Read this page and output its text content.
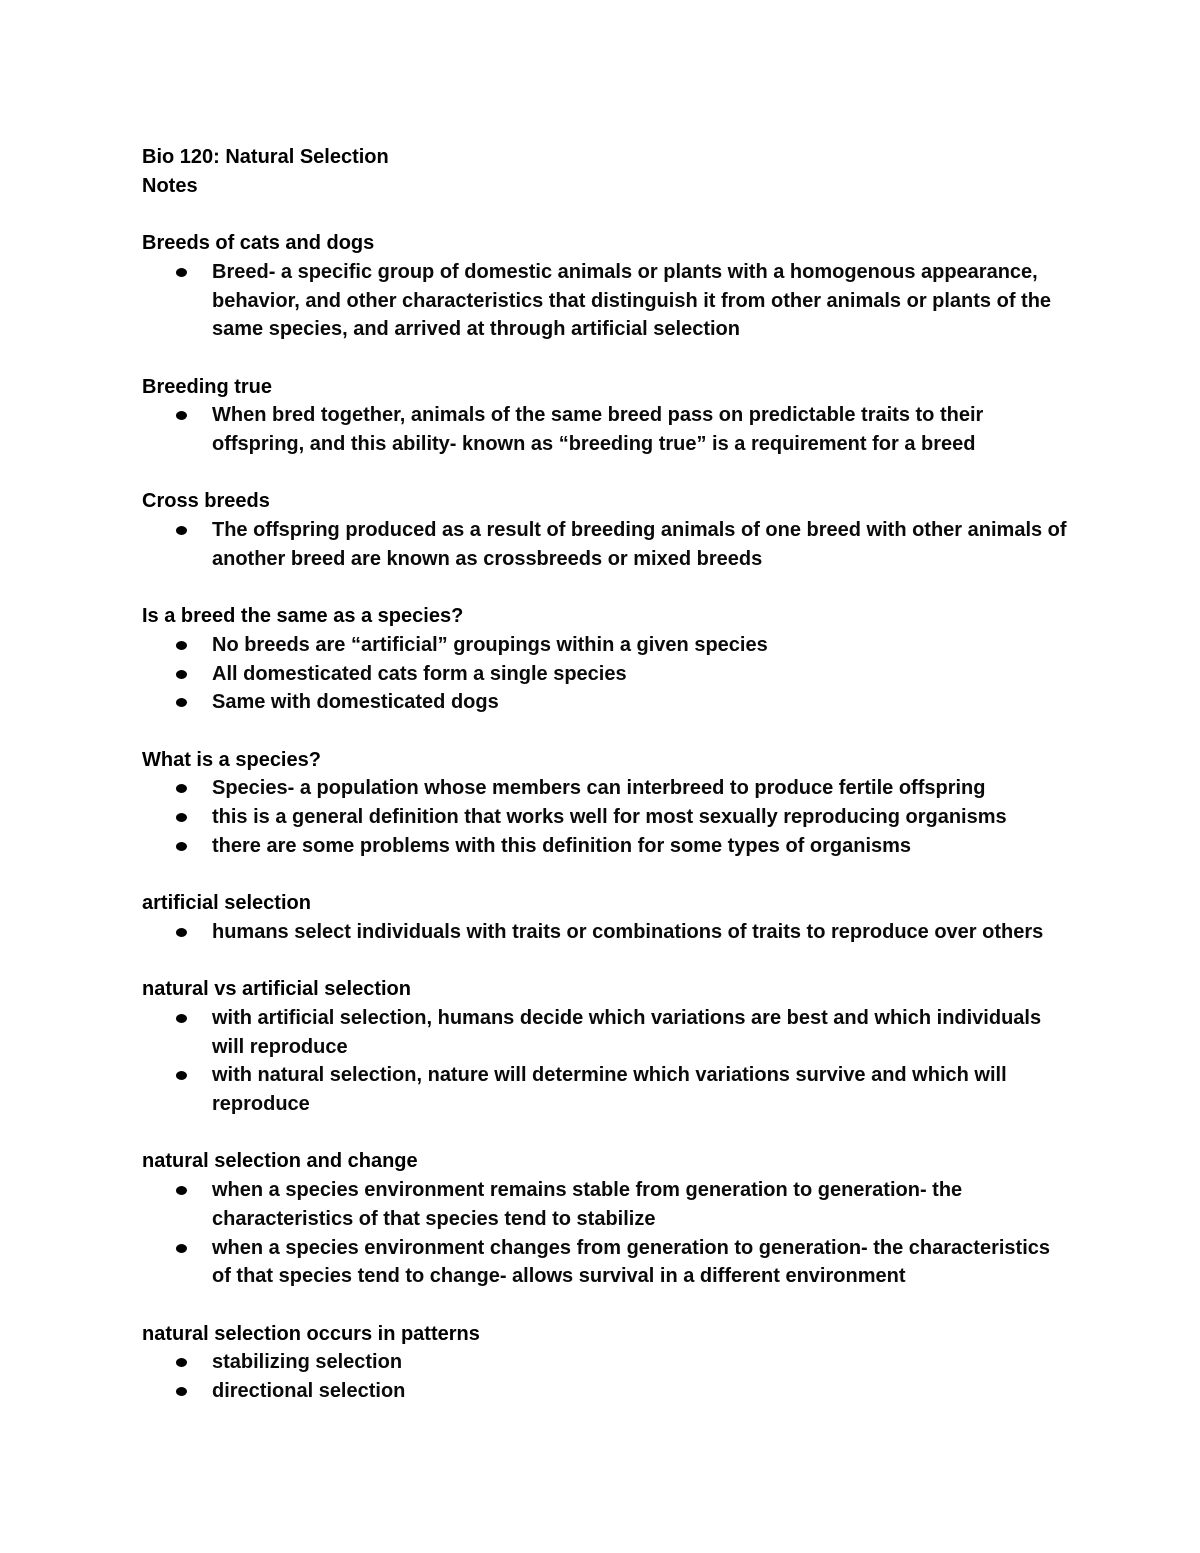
Bio 120: Natural Selection

Notes

Breeds of cats and dogs

Breed- a specific group of domestic animals or plants with a homogenous appearance, behavior, and other characteristics that distinguish it from other animals or plants of the same species, and arrived at through artificial selection

Breeding true

When bred together, animals of the same breed pass on predictable traits to their offspring, and this ability- known as “breeding true” is a requirement for a breed

Cross breeds

The offspring produced as a result of breeding animals of one breed with other animals of another breed are known as crossbreeds or mixed breeds

Is a breed the same as a species?

No breeds are “artificial” groupings within a given species
All domesticated cats form a single species
Same with domesticated dogs

What is a species?

Species- a population whose members can interbreed to produce fertile offspring
this is a general definition that works well for most sexually reproducing organisms
there are some problems with this definition for some types of organisms

artificial selection

humans select individuals with traits or combinations of traits to reproduce over others

natural vs artificial selection

with artificial selection, humans decide which variations are best and which individuals will reproduce
with natural selection, nature will determine which variations survive and which will reproduce

natural selection and change

when a species environment remains stable from generation to generation- the characteristics of that species tend to stabilize
when a species environment changes from generation to generation- the characteristics of that species tend to change- allows survival in a different environment

natural selection occurs in patterns

stabilizing selection
directional selection
